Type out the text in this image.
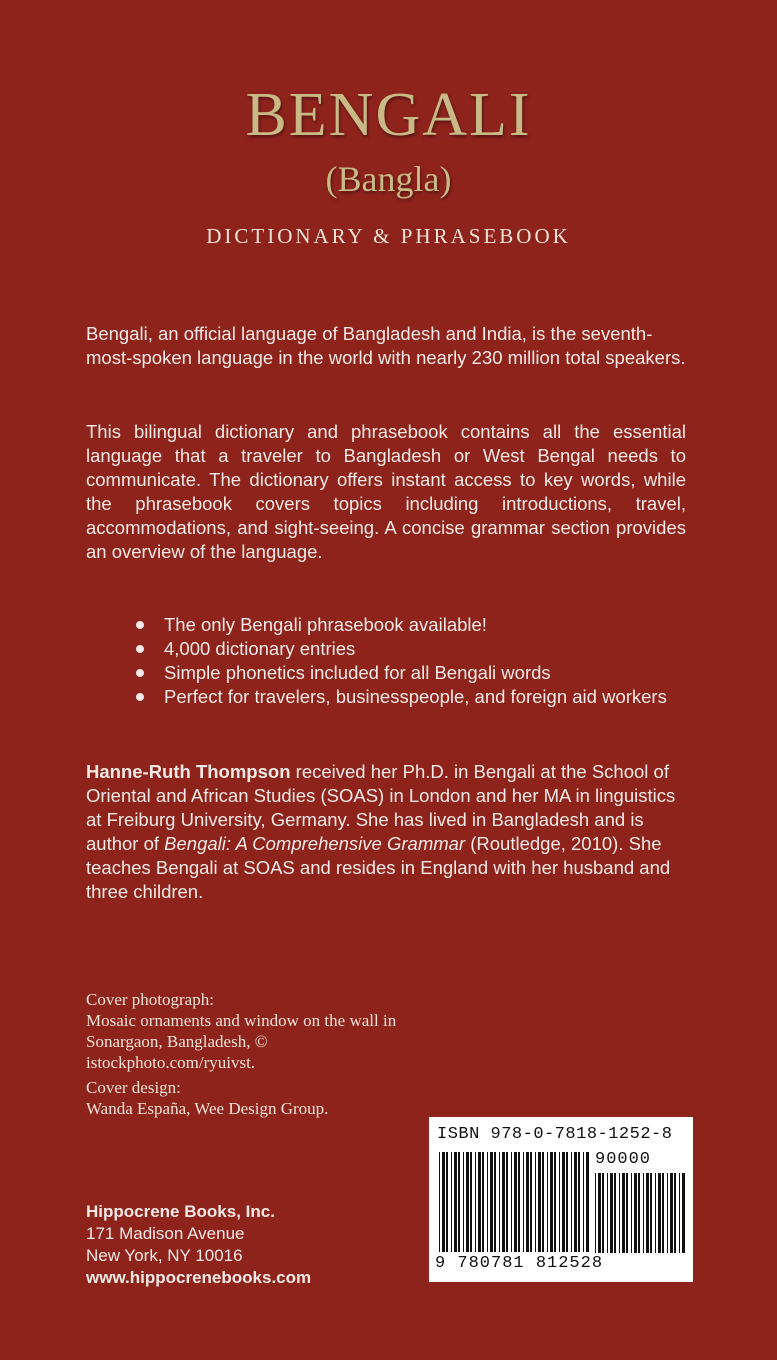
BENGALI
(Bangla)
DICTIONARY & PHRASEBOOK

Bengali, an official language of Bangladesh and India, is the seventh-most-spoken language in the world with nearly 230 million total speakers.

This bilingual dictionary and phrasebook contains all the essential language that a traveler to Bangladesh or West Bengal needs to communicate. The dictionary offers instant access to key words, while the phrasebook covers topics including introductions, travel, accommodations, and sight-seeing. A concise grammar section provides an overview of the language.

The only Bengali phrasebook available!
4,000 dictionary entries
Simple phonetics included for all Bengali words
Perfect for travelers, businesspeople, and foreign aid workers

Hanne-Ruth Thompson received her Ph.D. in Bengali at the School of Oriental and African Studies (SOAS) in London and her MA in linguistics at Freiburg University, Germany. She has lived in Bangladesh and is author of Bengali: A Comprehensive Grammar (Routledge, 2010). She teaches Bengali at SOAS and resides in England with her husband and three children.

Cover photograph:
Mosaic ornaments and window on the wall in Sonargaon, Bangladesh, © istockphoto.com/ryuivst.

Cover design:
Wanda España, Wee Design Group.

Hippocrene Books, Inc.
171 Madison Avenue
New York, NY 10016
www.hippocrenebooks.com
ISBN 978-0-7818-1252-8
90000
9 780781 812528
